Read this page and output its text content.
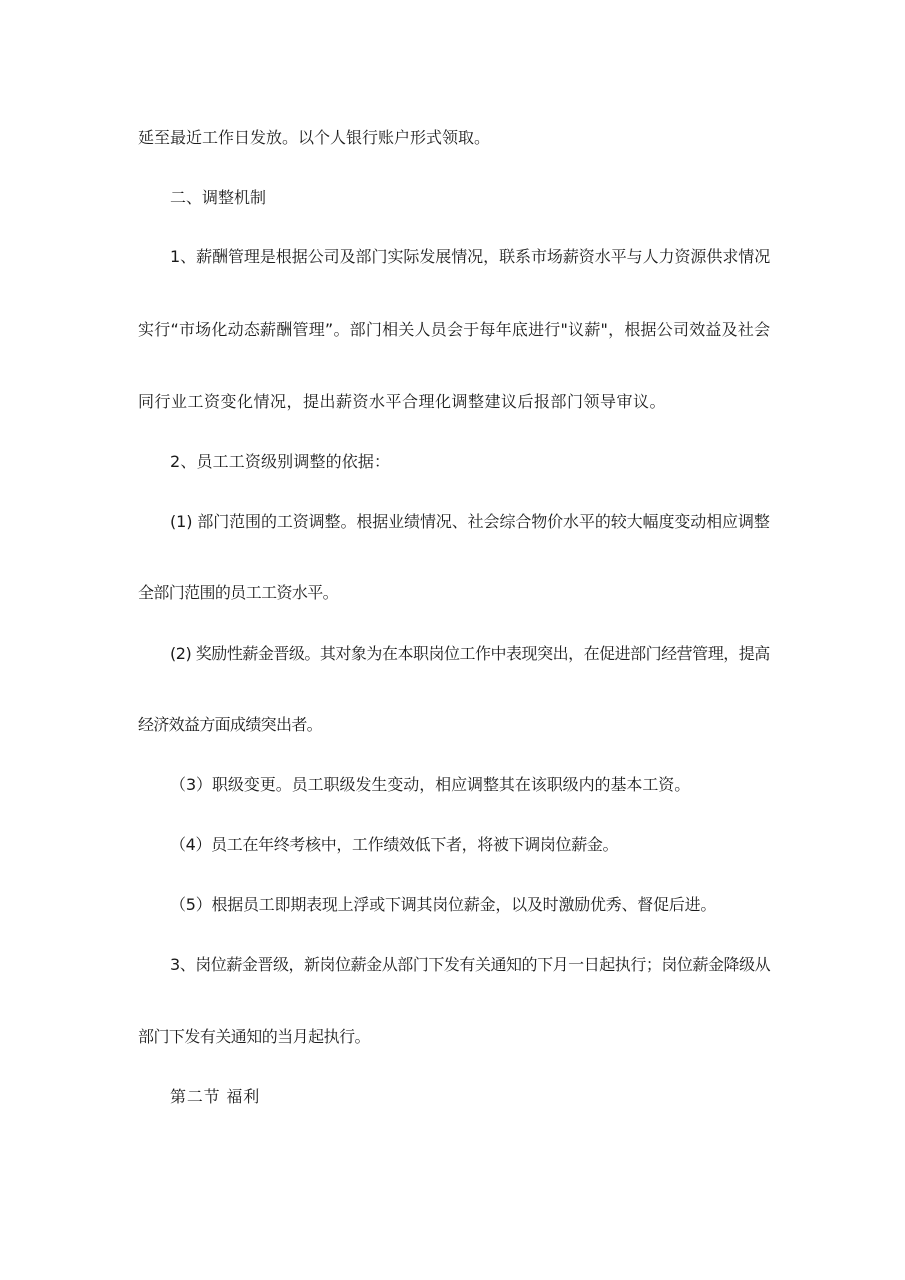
延至最近工作日发放。以个人银行账户形式领取。

二、调整机制

1、薪酬管理是根据公司及部门实际发展情况，联系市场薪资水平与人力资源供求情况

实行“市场化动态薪酬管理”。部门相关人员会于每年底进行"议薪"，根据公司效益及社会

同行业工资变化情况，提出薪资水平合理化调整建议后报部门领导审议。

2、员工工资级别调整的依据：

(1) 部门范围的工资调整。根据业绩情况、社会综合物价水平的较大幅度变动相应调整

全部门范围的员工工资水平。

(2) 奖励性薪金晋级。其对象为在本职岗位工作中表现突出，在促进部门经营管理，提高

经济效益方面成绩突出者。

（3）职级变更。员工职级发生变动，相应调整其在该职级内的基本工资。

（4）员工在年终考核中，工作绩效低下者，将被下调岗位薪金。

（5）根据员工即期表现上浮或下调其岗位薪金，以及时激励优秀、督促后进。

3、岗位薪金晋级，新岗位薪金从部门下发有关通知的下月一日起执行；岗位薪金降级从

部门下发有关通知的当月起执行。

第二节 福利
